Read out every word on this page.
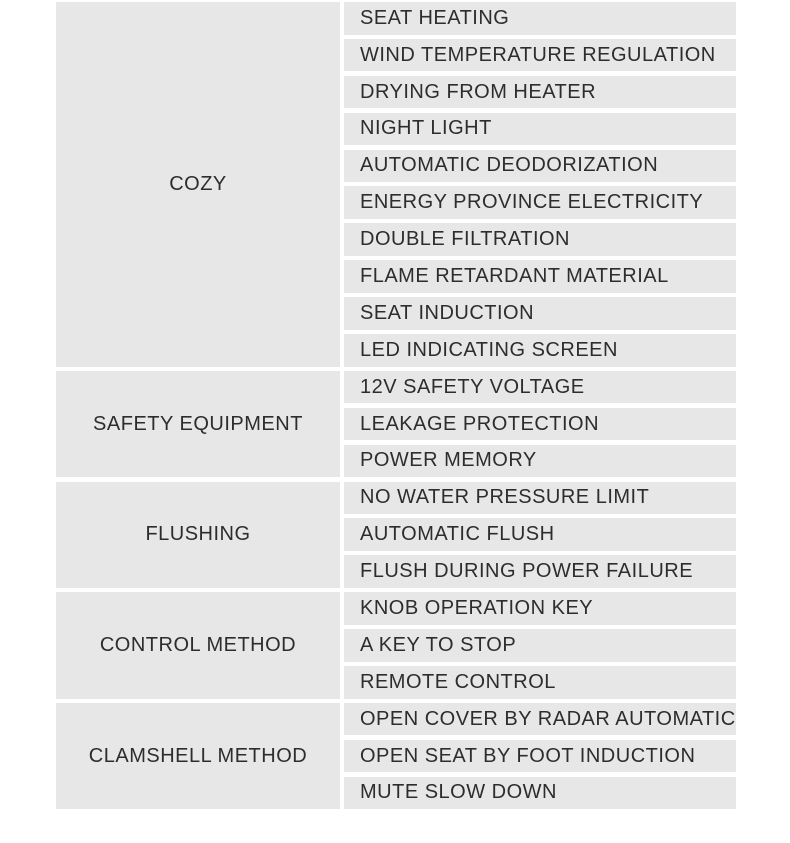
COZY
SEAT HEATING
WIND TEMPERATURE REGULATION
DRYING FROM HEATER
NIGHT LIGHT
AUTOMATIC DEODORIZATION
ENERGY PROVINCE ELECTRICITY
DOUBLE FILTRATION
FLAME RETARDANT MATERIAL
SEAT INDUCTION
LED INDICATING SCREEN
SAFETY EQUIPMENT
12V SAFETY VOLTAGE
LEAKAGE PROTECTION
POWER MEMORY
FLUSHING
NO WATER PRESSURE LIMIT
AUTOMATIC FLUSH
FLUSH DURING POWER FAILURE
CONTROL METHOD
KNOB OPERATION KEY
A KEY TO STOP
REMOTE CONTROL
CLAMSHELL METHOD
OPEN COVER BY RADAR AUTOMATIC
OPEN SEAT BY FOOT INDUCTION
MUTE SLOW DOWN
